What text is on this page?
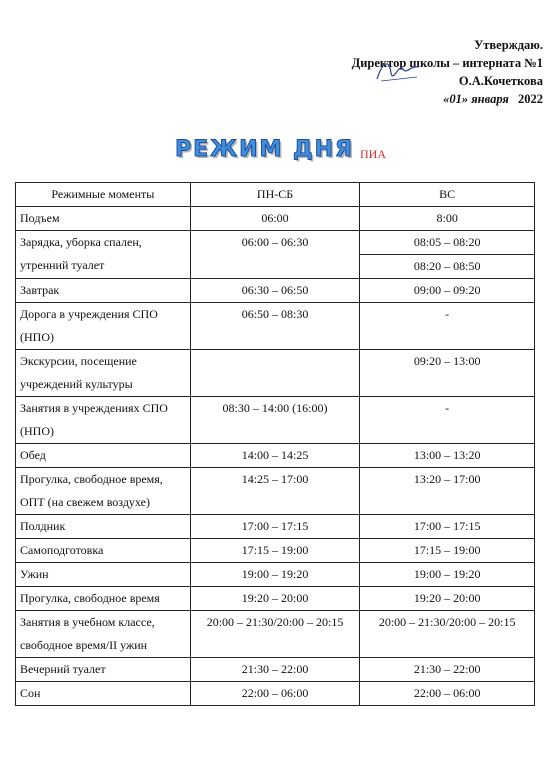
Утверждаю.
Директор школы – интерната №1
О.А.Кочеткова
«01» января 2022
РЕЖИМ ДНЯ ПИА
Режимные моменты	ПН-СБ	ВС
Подъем	06:00	8:00
Зарядка, уборка спален, утренний туалет	06:00 – 06:30	08:05 – 08:20
		08:20 – 08:50
Завтрак	06:30 – 06:50	09:00 – 09:20
Дорога в учреждения СПО (НПО)	06:50 – 08:30	-
Экскурсии, посещение учреждений культуры		09:20 – 13:00
Занятия в учреждениях СПО (НПО)	08:30 – 14:00 (16:00)	-
Обед	14:00 – 14:25	13:00 – 13:20
Прогулка, свободное время, ОПТ (на свежем воздухе)	14:25 – 17:00	13:20 – 17:00
Полдник	17:00 – 17:15	17:00 – 17:15
Самоподготовка	17:15 – 19:00	17:15 – 19:00
Ужин	19:00 – 19:20	19:00 – 19:20
Прогулка, свободное время	19:20 – 20:00	19:20 – 20:00
Занятия в учебном классе, свободное время/II ужин	20:00 – 21:30/20:00 – 20:15	20:00 – 21:30/20:00 – 20:15
Вечерний туалет	21:30 – 22:00	21:30 – 22:00
Сон	22:00 – 06:00	22:00 – 06:00
